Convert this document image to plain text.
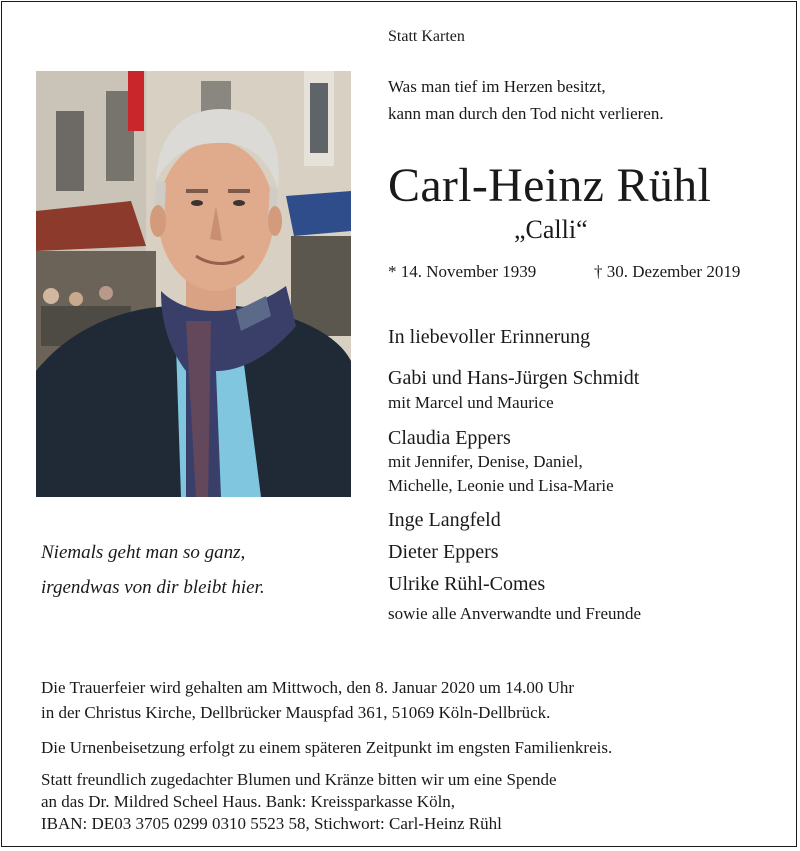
Statt Karten
Was man tief im Herzen besitzt,
kann man durch den Tod nicht verlieren.
Carl-Heinz Rühl
„Calli“
* 14. November 1939	† 30. Dezember 2019
In liebevoller Erinnerung
Gabi und Hans-Jürgen Schmidt
mit Marcel und Maurice
Claudia Eppers
mit Jennifer, Denise, Daniel,
Michelle, Leonie und Lisa-Marie
Inge Langfeld
Dieter Eppers
Ulrike Rühl-Comes
sowie alle Anverwandte und Freunde
Niemals geht man so ganz,
irgendwas von dir bleibt hier.
Die Trauerfeier wird gehalten am Mittwoch, den 8. Januar 2020 um 14.00 Uhr
in der Christus Kirche, Dellbrücker Mauspfad 361, 51069 Köln-Dellbrück.
Die Urnenbeisetzung erfolgt zu einem späteren Zeitpunkt im engsten Familienkreis.
Statt freundlich zugedachter Blumen und Kränze bitten wir um eine Spende
an das Dr. Mildred Scheel Haus. Bank: Kreissparkasse Köln,
IBAN: DE03 3705 0299 0310 5523 58, Stichwort: Carl-Heinz Rühl
